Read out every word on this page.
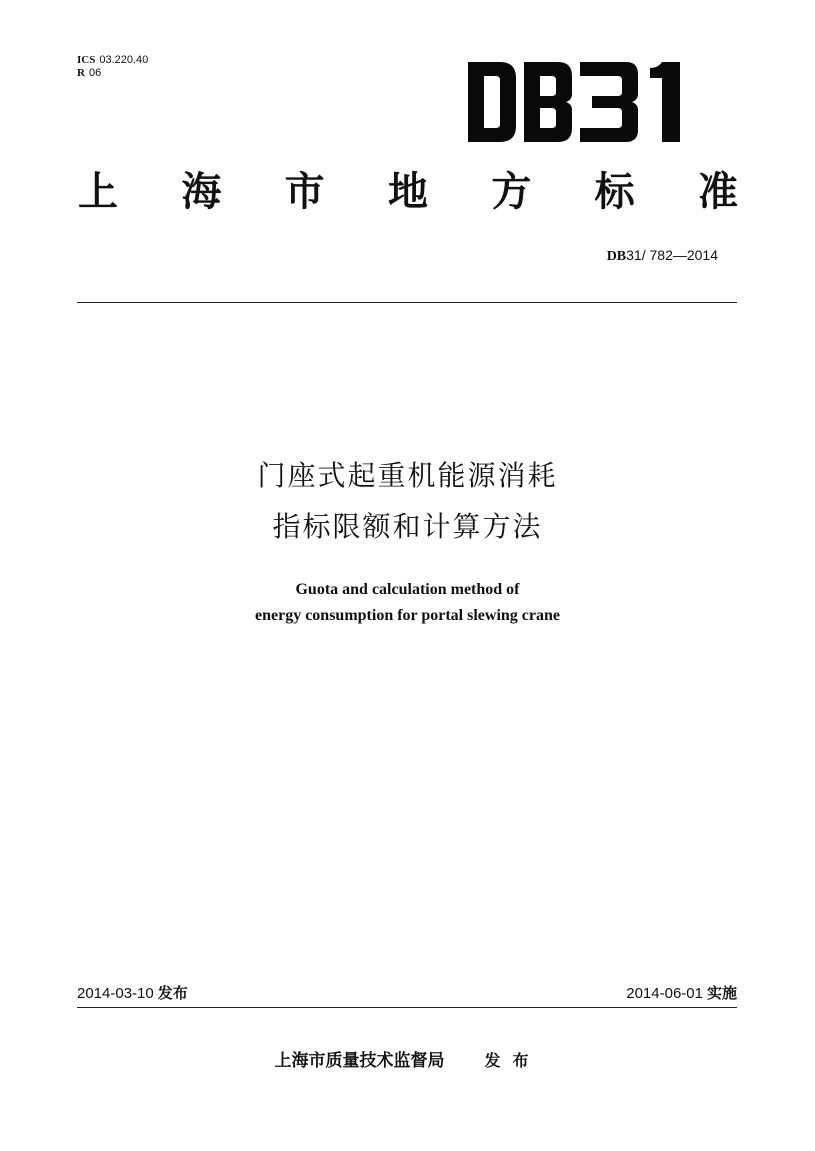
ICS 03.220.40
R 06
上 海 市 地 方 标 准
DB31/ 782—2014
门座式起重机能源消耗
指标限额和计算方法
Guota and calculation method of
energy consumption for portal slewing crane
2014-03-10 发布	2014-06-01 实施
上海市质量技术监督局	发布
